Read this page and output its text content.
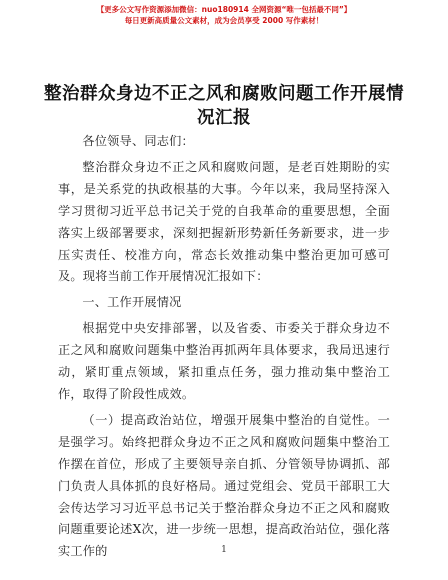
【更多公文写作资源添加微信：nuo180914 全网资源“唯一包括最不同”】
每日更新高质量公文素材，成为会员享受 2000 写作素材！
整治群众身边不正之风和腐败问题工作开展情况汇报

各位领导、同志们：

整治群众身边不正之风和腐败问题，是老百姓期盼的实事，是关系党的执政根基的大事。今年以来，我局坚持深入学习贯彻习近平总书记关于党的自我革命的重要思想，全面落实上级部署要求，深刻把握新形势新任务新要求，进一步压实责任、校准方向，常态长效推动集中整治更加可感可及。现将当前工作开展情况汇报如下：

一、工作开展情况

根据党中央安排部署，以及省委、市委关于群众身边不正之风和腐败问题集中整治再抓两年具体要求，我局迅速行动，紧盯重点领域，紧扣重点任务，强力推动集中整治工作，取得了阶段性成效。

（一）提高政治站位，增强开展集中整治的自觉性。一是强学习。始终把群众身边不正之风和腐败问题集中整治工作摆在首位，形成了主要领导亲自抓、分管领导协调抓、部门负责人具体抓的良好格局。通过党组会、党员干部职工大会传达学习习近平总书记关于整治群众身边不正之风和腐败问题重要论述X次，进一步统一思想，提高政治站位，强化落实工作的	1
